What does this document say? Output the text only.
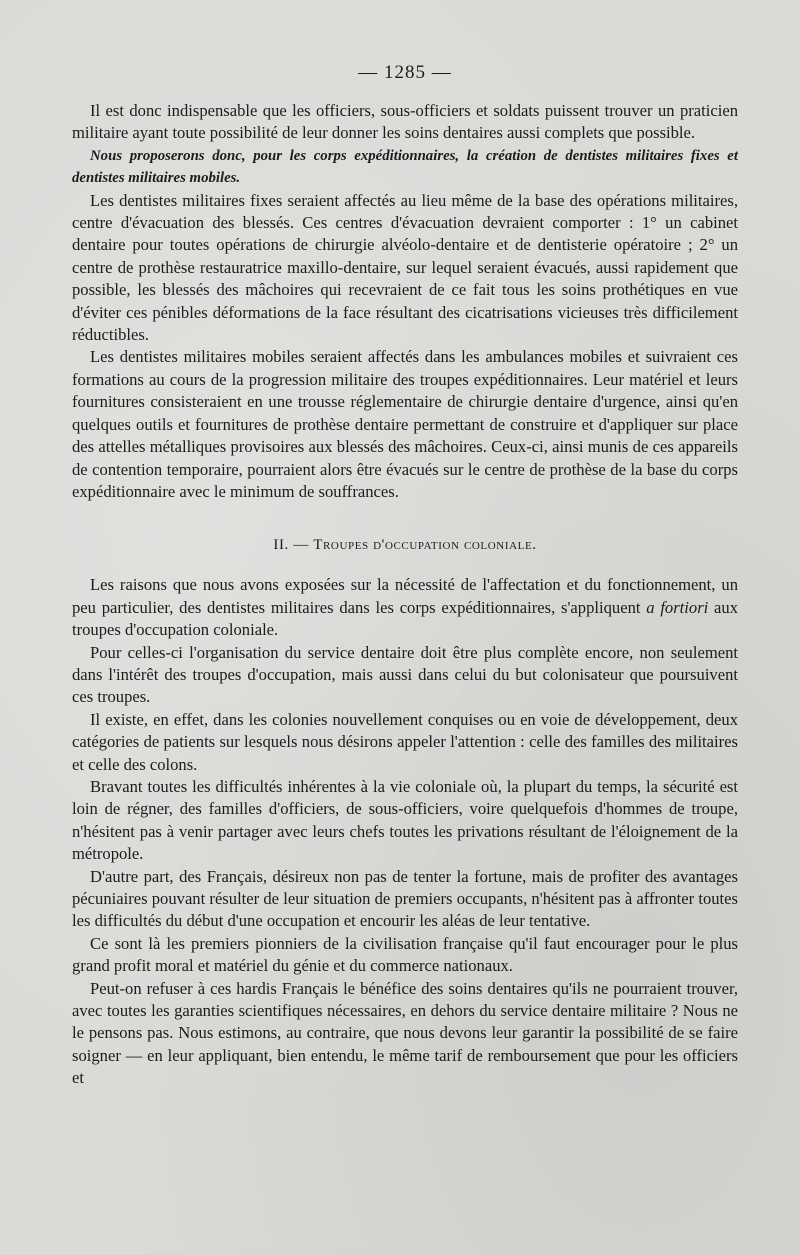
— 1285 —

Il est donc indispensable que les officiers, sous-officiers et soldats puissent trouver un praticien militaire ayant toute possibilité de leur donner les soins dentaires aussi complets que possible.

Nous proposerons donc, pour les corps expéditionnaires, la création de dentistes militaires fixes et dentistes militaires mobiles.

Les dentistes militaires fixes seraient affectés au lieu même de la base des opérations militaires, centre d'évacuation des blessés. Ces centres d'évacuation devraient comporter : 1° un cabinet dentaire pour toutes opérations de chirurgie alvéolo-dentaire et de dentisterie opératoire ; 2° un centre de prothèse restauratrice maxillo-dentaire, sur lequel seraient évacués, aussi rapidement que possible, les blessés des mâchoires qui recevraient de ce fait tous les soins prothétiques en vue d'éviter ces pénibles déformations de la face résultant des cicatrisations vicieuses très difficilement réductibles.

Les dentistes militaires mobiles seraient affectés dans les ambulances mobiles et suivraient ces formations au cours de la progression militaire des troupes expéditionnaires. Leur matériel et leurs fournitures consisteraient en une trousse réglementaire de chirurgie dentaire d'urgence, ainsi qu'en quelques outils et fournitures de prothèse dentaire permettant de construire et d'appliquer sur place des attelles métalliques provisoires aux blessés des mâchoires. Ceux-ci, ainsi munis de ces appareils de contention temporaire, pourraient alors être évacués sur le centre de prothèse de la base du corps expéditionnaire avec le minimum de souffrances.

II. — Troupes d'occupation coloniale.

Les raisons que nous avons exposées sur la nécessité de l'affectation et du fonctionnement, un peu particulier, des dentistes militaires dans les corps expéditionnaires, s'appliquent a fortiori aux troupes d'occupation coloniale.

Pour celles-ci l'organisation du service dentaire doit être plus complète encore, non seulement dans l'intérêt des troupes d'occupation, mais aussi dans celui du but colonisateur que poursuivent ces troupes.

Il existe, en effet, dans les colonies nouvellement conquises ou en voie de développement, deux catégories de patients sur lesquels nous désirons appeler l'attention : celle des familles des militaires et celle des colons.

Bravant toutes les difficultés inhérentes à la vie coloniale où, la plupart du temps, la sécurité est loin de régner, des familles d'officiers, de sous-officiers, voire quelquefois d'hommes de troupe, n'hésitent pas à venir partager avec leurs chefs toutes les privations résultant de l'éloignement de la métropole.

D'autre part, des Français, désireux non pas de tenter la fortune, mais de profiter des avantages pécuniaires pouvant résulter de leur situation de premiers occupants, n'hésitent pas à affronter toutes les difficultés du début d'une occupation et encourir les aléas de leur tentative.

Ce sont là les premiers pionniers de la civilisation française qu'il faut encourager pour le plus grand profit moral et matériel du génie et du commerce nationaux.

Peut-on refuser à ces hardis Français le bénéfice des soins dentaires qu'ils ne pourraient trouver, avec toutes les garanties scientifiques nécessaires, en dehors du service dentaire militaire ? Nous ne le pensons pas. Nous estimons, au contraire, que nous devons leur garantir la possibilité de se faire soigner — en leur appliquant, bien entendu, le même tarif de remboursement que pour les officiers et
